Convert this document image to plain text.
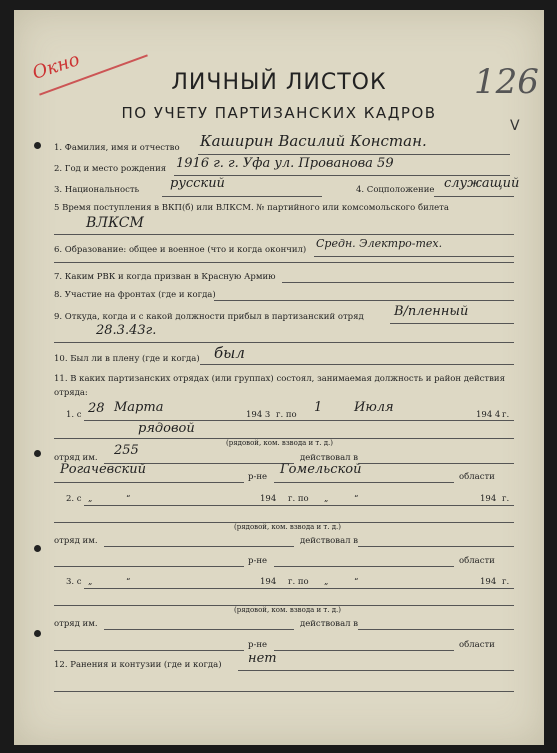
Окно	126
V
ЛИЧНЫЙ ЛИСТОК
ПО УЧЕТУ ПАРТИЗАНСКИХ КАДРОВ
1. Фамилия, имя и отчество Каширин Василий Констан.
2. Год и место рождения 1916 г. г. Уфа ул. Прованова 59
3. Национальность русский	4. Соцположение служащий
5 Время поступления в ВКП(б) или ВЛКСМ. № партийного или комсомольского билета
ВЛКСМ
6. Образование: общее и военное (что и когда окончил) Средн. Электро-тех.
7. Каким РВК и когда призван в Красную Армию
8. Участие на фронтах (где и когда)
9. Откуда, когда и с какой должности прибыл в партизанский отряд В/пленный
28.3.43г.
10. Был ли в плену (где и когда) был
11. В каких партизанских отрядах (или группах) состоял, занимаемая должность и район действия
отряда:
1. с 28 Марта	194 3 г. по 1 Июля	194 4 г.
рядовой
(рядовой, ком. взвода и т. д.)
отряд им. 255	действовал в
Рогачевский	р-не Гомельской	области
2. с „	“	194 г. по „	“	194 г.
(рядовой, ком. взвода и т. д.)
отряд им.	действовал в
р-не	области
3. с „	“	194 г. по „	“	194 г.
(рядовой, ком. взвода и т. д.)
отряд им.	действовал в
р-не	области
12. Ранения и контузии (где и когда) нет
